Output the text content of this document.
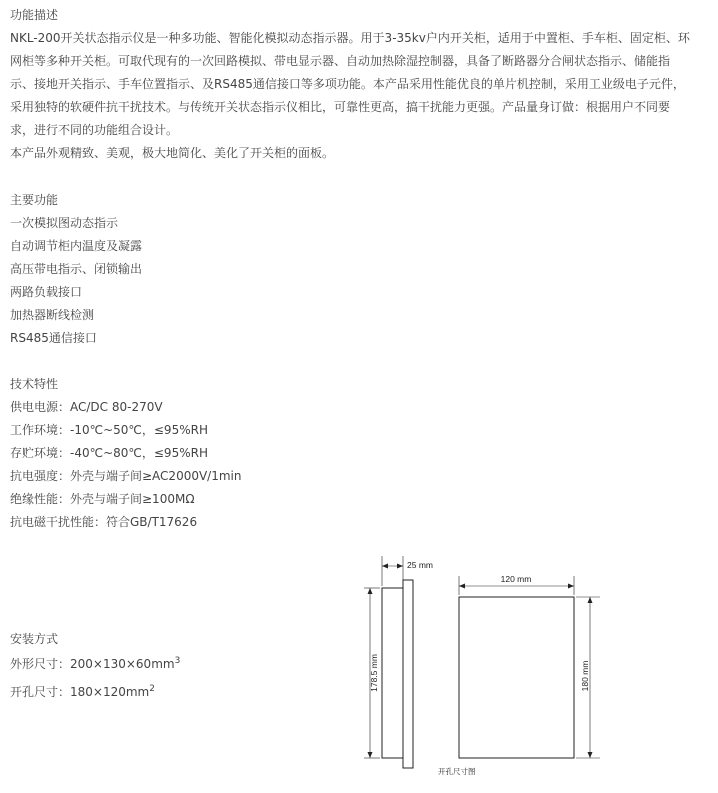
功能描述
NKL-200开关状态指示仪是一种多功能、智能化模拟动态指示器。用于3-35kv户内开关柜，适用于中置柜、手车柜、固定柜、环
网柜等多种开关柜。可取代现有的一次回路模拟、带电显示器、自动加热除湿控制器，具备了断路器分合闸状态指示、储能指
示、接地开关指示、手车位置指示、及RS485通信接口等多项功能。本产品采用性能优良的单片机控制，采用工业级电子元件，
采用独特的软硬件抗干扰技术。与传统开关状态指示仪相比，可靠性更高，搞干扰能力更强。产品量身订做：根据用户不同要
求，进行不同的功能组合设计。
本产品外观精致、美观，极大地简化、美化了开关柜的面板。
主要功能
一次模拟图动态指示
自动调节柜内温度及凝露
高压带电指示、闭锁输出
两路负载接口
加热器断线检测
RS485通信接口
技术特性
供电电源：AC/DC 80-270V
工作环境：-10℃~50℃，≤95%RH
存贮环境：-40℃~80℃，≤95%RH
抗电强度：外壳与端子间≥AC2000V/1min
绝缘性能：外壳与端子间≥100MΩ
抗电磁干扰性能：符合GB/T17626
安装方式
外形尺寸：$200\times 130\times 60mm^3$
开孔尺寸：$180\times 120mm^2$
25 mm
120 mm
178.5 mm	180 mm
开孔尺寸图
